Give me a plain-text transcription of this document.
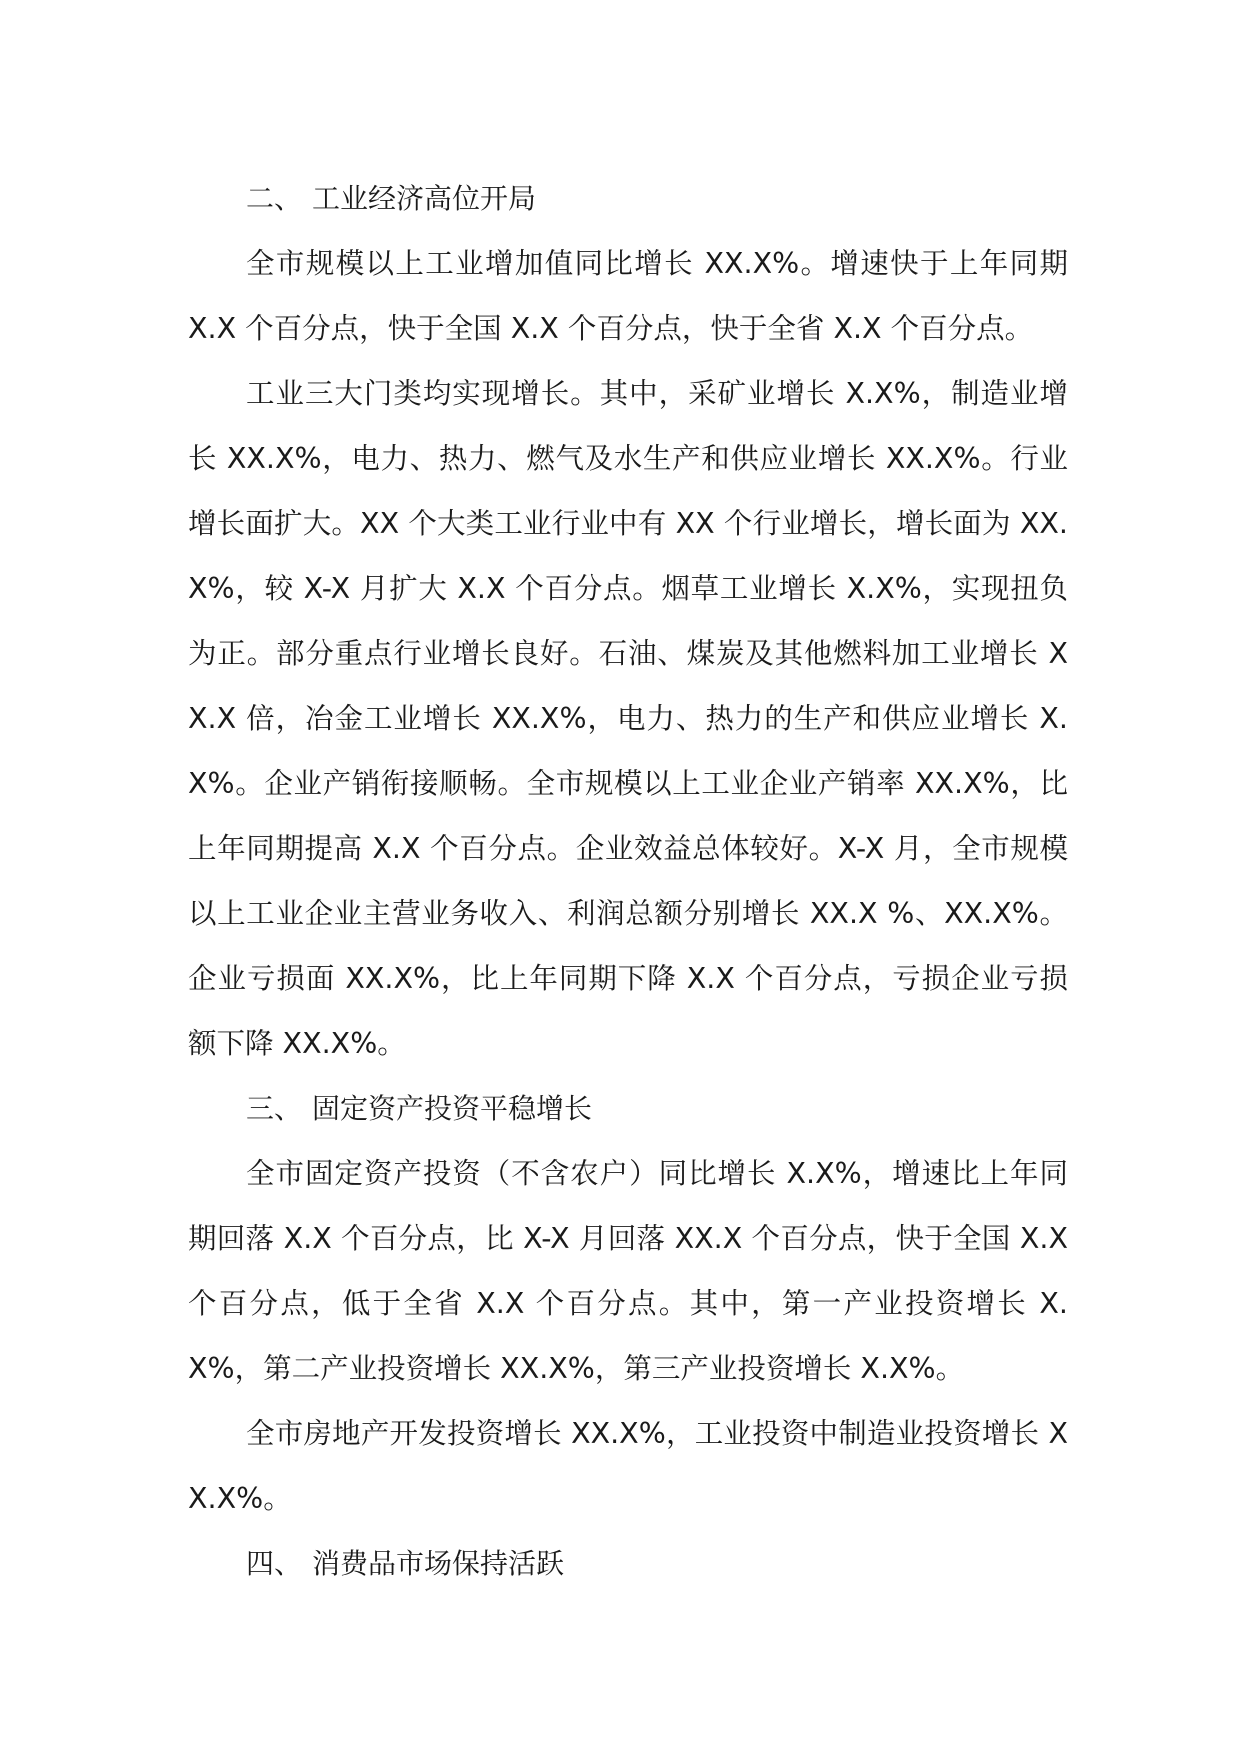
二、 工业经济高位开局

全市规模以上工业增加值同比增长 XX.X%。增速快于上年同期 X.X 个百分点，快于全国 X.X 个百分点，快于全省 X.X 个百分点。

工业三大门类均实现增长。其中，采矿业增长 X.X%，制造业增长 XX.X%，电力、热力、燃气及水生产和供应业增长 XX.X%。行业增长面扩大。XX 个大类工业行业中有 XX 个行业增长，增长面为 XX.X%，较 X-X 月扩大 X.X 个百分点。烟草工业增长 X.X%，实现扭负为正。部分重点行业增长良好。石油、煤炭及其他燃料加工业增长 XX.X 倍，冶金工业增长 XX.X%，电力、热力的生产和供应业增长 X.X%。企业产销衔接顺畅。全市规模以上工业企业产销率 XX.X%，比上年同期提高 X.X 个百分点。企业效益总体较好。X-X 月，全市规模以上工业企业主营业务收入、利润总额分别增长 XX.X %、XX.X%。企业亏损面 XX.X%，比上年同期下降 X.X 个百分点，亏损企业亏损额下降 XX.X%。

三、 固定资产投资平稳增长

全市固定资产投资（不含农户）同比增长 X.X%，增速比上年同期回落 X.X 个百分点，比 X-X 月回落 XX.X 个百分点，快于全国 X.X 个百分点，低于全省 X.X 个百分点。其中，第一产业投资增长 X.X%，第二产业投资增长 XX.X%，第三产业投资增长 X.X%。

全市房地产开发投资增长 XX.X%，工业投资中制造业投资增长 XX.X%。

四、 消费品市场保持活跃
